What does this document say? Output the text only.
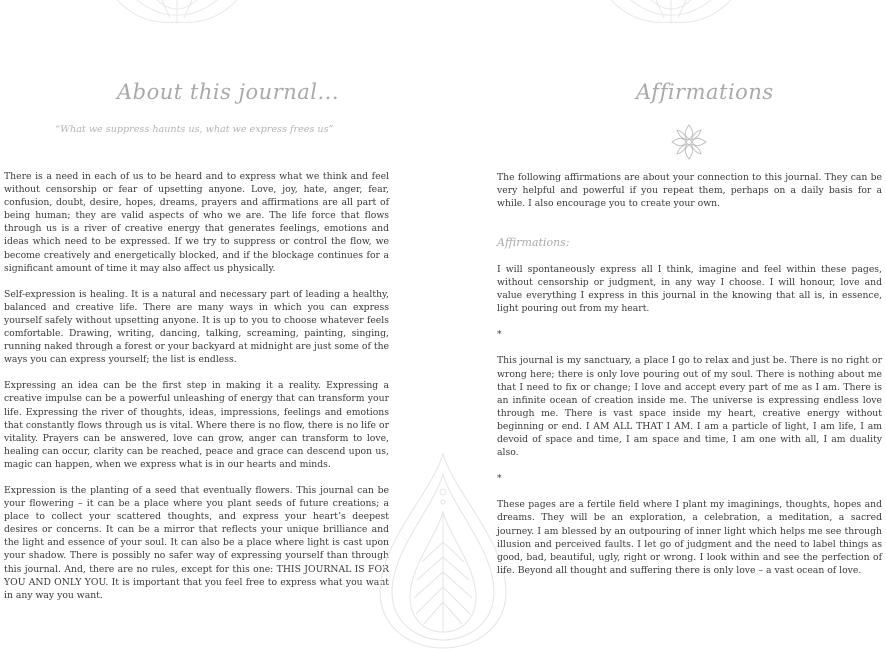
About this journal...
“What we suppress haunts us, what we express frees us”

There is a need in each of us to be heard and to express what we think and feel without censorship or fear of upsetting anyone. Love, joy, hate, anger, fear, confusion, doubt, desire, hopes, dreams, prayers and affirmations are all part of being human; they are valid aspects of who we are. The life force that flows through us is a river of creative energy that generates feelings, emotions and ideas which need to be expressed. If we try to suppress or control the flow, we become creatively and energetically blocked, and if the blockage continues for a significant amount of time it may also affect us physically.

Self-expression is healing. It is a natural and necessary part of leading a healthy, balanced and creative life. There are many ways in which you can express yourself safely without upsetting anyone. It is up to you to choose whatever feels comfortable. Drawing, writing, dancing, talking, screaming, painting, singing, running naked through a forest or your backyard at midnight are just some of the ways you can express yourself; the list is endless.

Expressing an idea can be the first step in making it a reality. Expressing a creative impulse can be a powerful unleashing of energy that can transform your life. Expressing the river of thoughts, ideas, impressions, feelings and emotions that constantly flows through us is vital. Where there is no flow, there is no life or vitality. Prayers can be answered, love can grow, anger can transform to love, healing can occur, clarity can be reached, peace and grace can descend upon us, magic can happen, when we express what is in our hearts and minds.

Expression is the planting of a seed that eventually flowers. This journal can be your flowering – it can be a place where you plant seeds of future creations; a place to collect your scattered thoughts, and express your heart’s deepest desires or concerns. It can be a mirror that reflects your unique brilliance and the light and essence of your soul. It can also be a place where light is cast upon your shadow. There is possibly no safer way of expressing yourself than through this journal. And, there are no rules, except for this one: THIS JOURNAL IS FOR YOU AND ONLY YOU. It is important that you feel free to express what you want in any way you want.

Affirmations

The following affirmations are about your connection to this journal. They can be very helpful and powerful if you repeat them, perhaps on a daily basis for a while. I also encourage you to create your own.

Affirmations:

I will spontaneously express all I think, imagine and feel within these pages, without censorship or judgment, in any way I choose. I will honour, love and value everything I express in this journal in the knowing that all is, in essence, light pouring out from my heart.

*

This journal is my sanctuary, a place I go to relax and just be. There is no right or wrong here; there is only love pouring out of my soul. There is nothing about me that I need to fix or change; I love and accept every part of me as I am. There is an infinite ocean of creation inside me. The universe is expressing endless love through me. There is vast space inside my heart, creative energy without beginning or end. I AM ALL THAT I AM. I am a particle of light, I am life, I am devoid of space and time, I am space and time, I am one with all, I am duality also.

*

These pages are a fertile field where I plant my imaginings, thoughts, hopes and dreams. They will be an exploration, a celebration, a meditation, a sacred journey. I am blessed by an outpouring of inner light which helps me see through illusion and perceived faults. I let go of judgment and the need to label things as good, bad, beautiful, ugly, right or wrong. I look within and see the perfection of life. Beyond all thought and suffering there is only love – a vast ocean of love.
